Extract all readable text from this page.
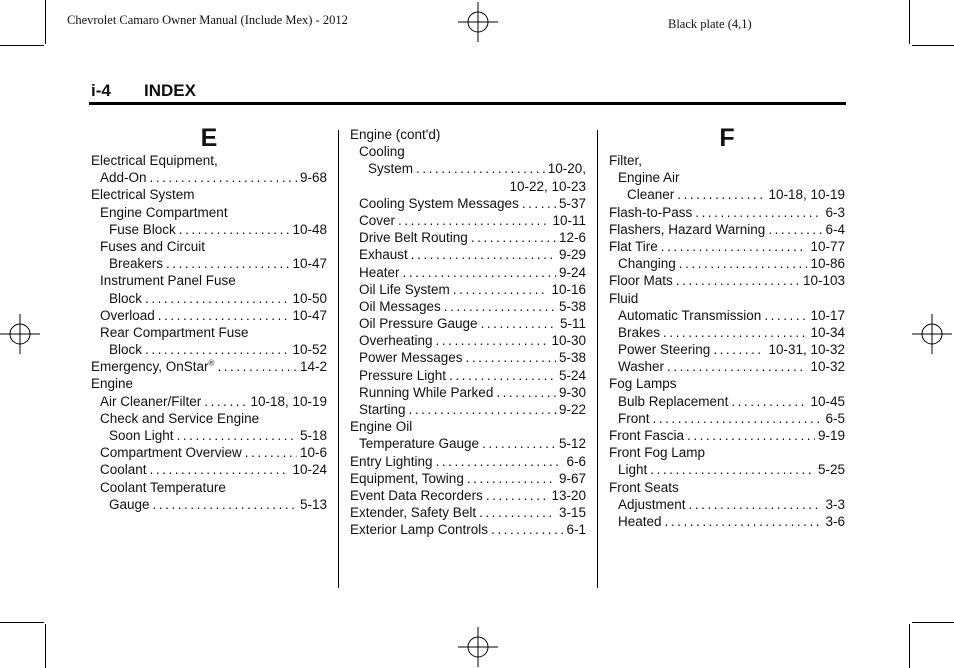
Chevrolet Camaro Owner Manual (Include Mex) - 2012	Black plate (4,1)
i-4 INDEX
E
Electrical Equipment,
Add-On . . .	9-68
Electrical System
Engine Compartment
Fuse Block . . .	10-48
Fuses and Circuit
Breakers . . .	10-47
Instrument Panel Fuse
Block . . .	10-50
Overload . . .	10-47
Rear Compartment Fuse
Block . . .	10-52
Emergency, OnStar® . . .	14-2
Engine
Air Cleaner/Filter . . .	10-18, 10-19
Check and Service Engine
Soon Light . . .	5-18
Compartment Overview . . .	10-6
Coolant . . .	10-24
Coolant Temperature
Gauge . . .	5-13
Engine (cont'd)
Cooling
System . . .	10-20,
10-22, 10-23
Cooling System Messages . . .	5-37
Cover . . .	10-11
Drive Belt Routing . . .	12-6
Exhaust . . .	9-29
Heater . . .	9-24
Oil Life System . . .	10-16
Oil Messages . . .	5-38
Oil Pressure Gauge . . .	5-11
Overheating . . .	10-30
Power Messages . . .	5-38
Pressure Light . . .	5-24
Running While Parked . . .	9-30
Starting . . .	9-22
Engine Oil
Temperature Gauge . . .	5-12
Entry Lighting . . .	6-6
Equipment, Towing . . .	9-67
Event Data Recorders . . .	13-20
Extender, Safety Belt . . .	3-15
Exterior Lamp Controls . . .	6-1
F
Filter,
Engine Air
Cleaner . . .	10-18, 10-19
Flash-to-Pass . . .	6-3
Flashers, Hazard Warning . . .	6-4
Flat Tire . . .	10-77
Changing . . .	10-86
Floor Mats . . .	10-103
Fluid
Automatic Transmission . . .	10-17
Brakes . . .	10-34
Power Steering . . .	10-31, 10-32
Washer . . .	10-32
Fog Lamps
Bulb Replacement . . .	10-45
Front . . .	6-5
Front Fascia . . .	9-19
Front Fog Lamp
Light . . .	5-25
Front Seats
Adjustment . . .	3-3
Heated . . .	3-6
